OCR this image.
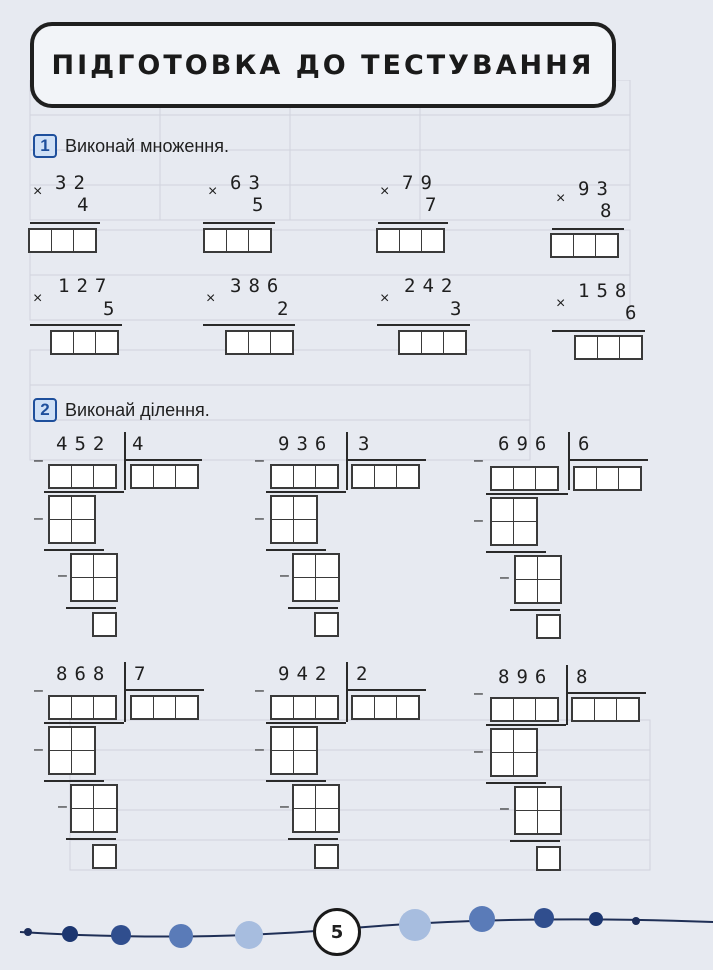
ПІДГОТОВКА ДО ТЕСТУВАННЯ
1 Виконай множення.
× 32
4
× 63
5
× 79
7	× 93
8
×
127
5	×
386
2	×
242
3	×
158
6
2 Виконай ділення.
452 4
–
–
–
936 3
–
–
–
696 6
–
–
–
868 7
–
–
–
942 2
–
–
–
896 8
–
–
–
5
